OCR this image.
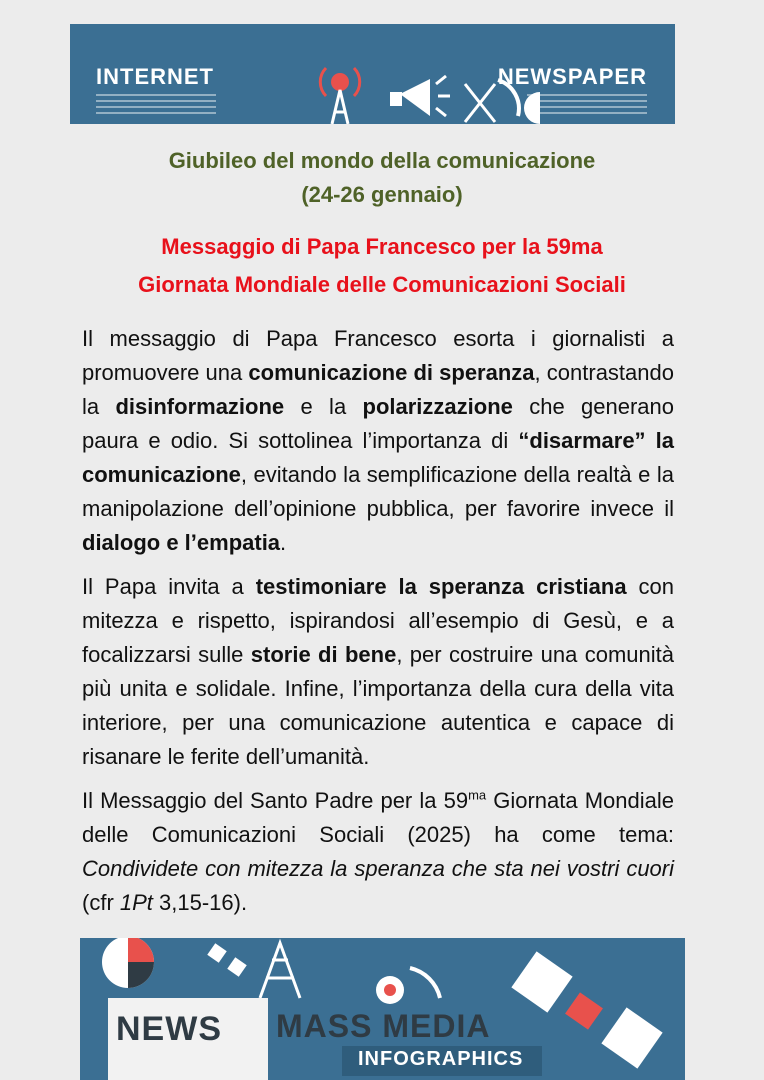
INTERNET	NEWSPAPER
Giubileo del mondo della comunicazione
(24-26 gennaio)
Messaggio di Papa Francesco per la 59ma
Giornata Mondiale delle Comunicazioni Sociali

Il messaggio di Papa Francesco esorta i giornalisti a promuovere una comunicazione di speranza, contrastando la disinformazione e la polarizzazione che generano paura e odio. Si sottolinea l’importanza di “disarmare” la comunicazione, evitando la semplificazione della realtà e la manipolazione dell’opinione pubblica, per favorire invece il dialogo e l’empatia.

Il Papa invita a testimoniare la speranza cristiana con mitezza e rispetto, ispirandosi all’esempio di Gesù, e a focalizzarsi sulle storie di bene, per costruire una comunità più unita e solidale. Infine, l’importanza della cura della vita interiore, per una comunicazione autentica e capace di risanare le ferite dell’umanità.

Il Messaggio del Santo Padre per la $59^{ma}$ Giornata Mondiale delle Comunicazioni Sociali (2025) ha come tema: Condividete con mitezza la speranza che sta nei vostri cuori (cfr 1Pt 3,15-16).

NEWS MASS MEDIA
INFOGRAPHICS
